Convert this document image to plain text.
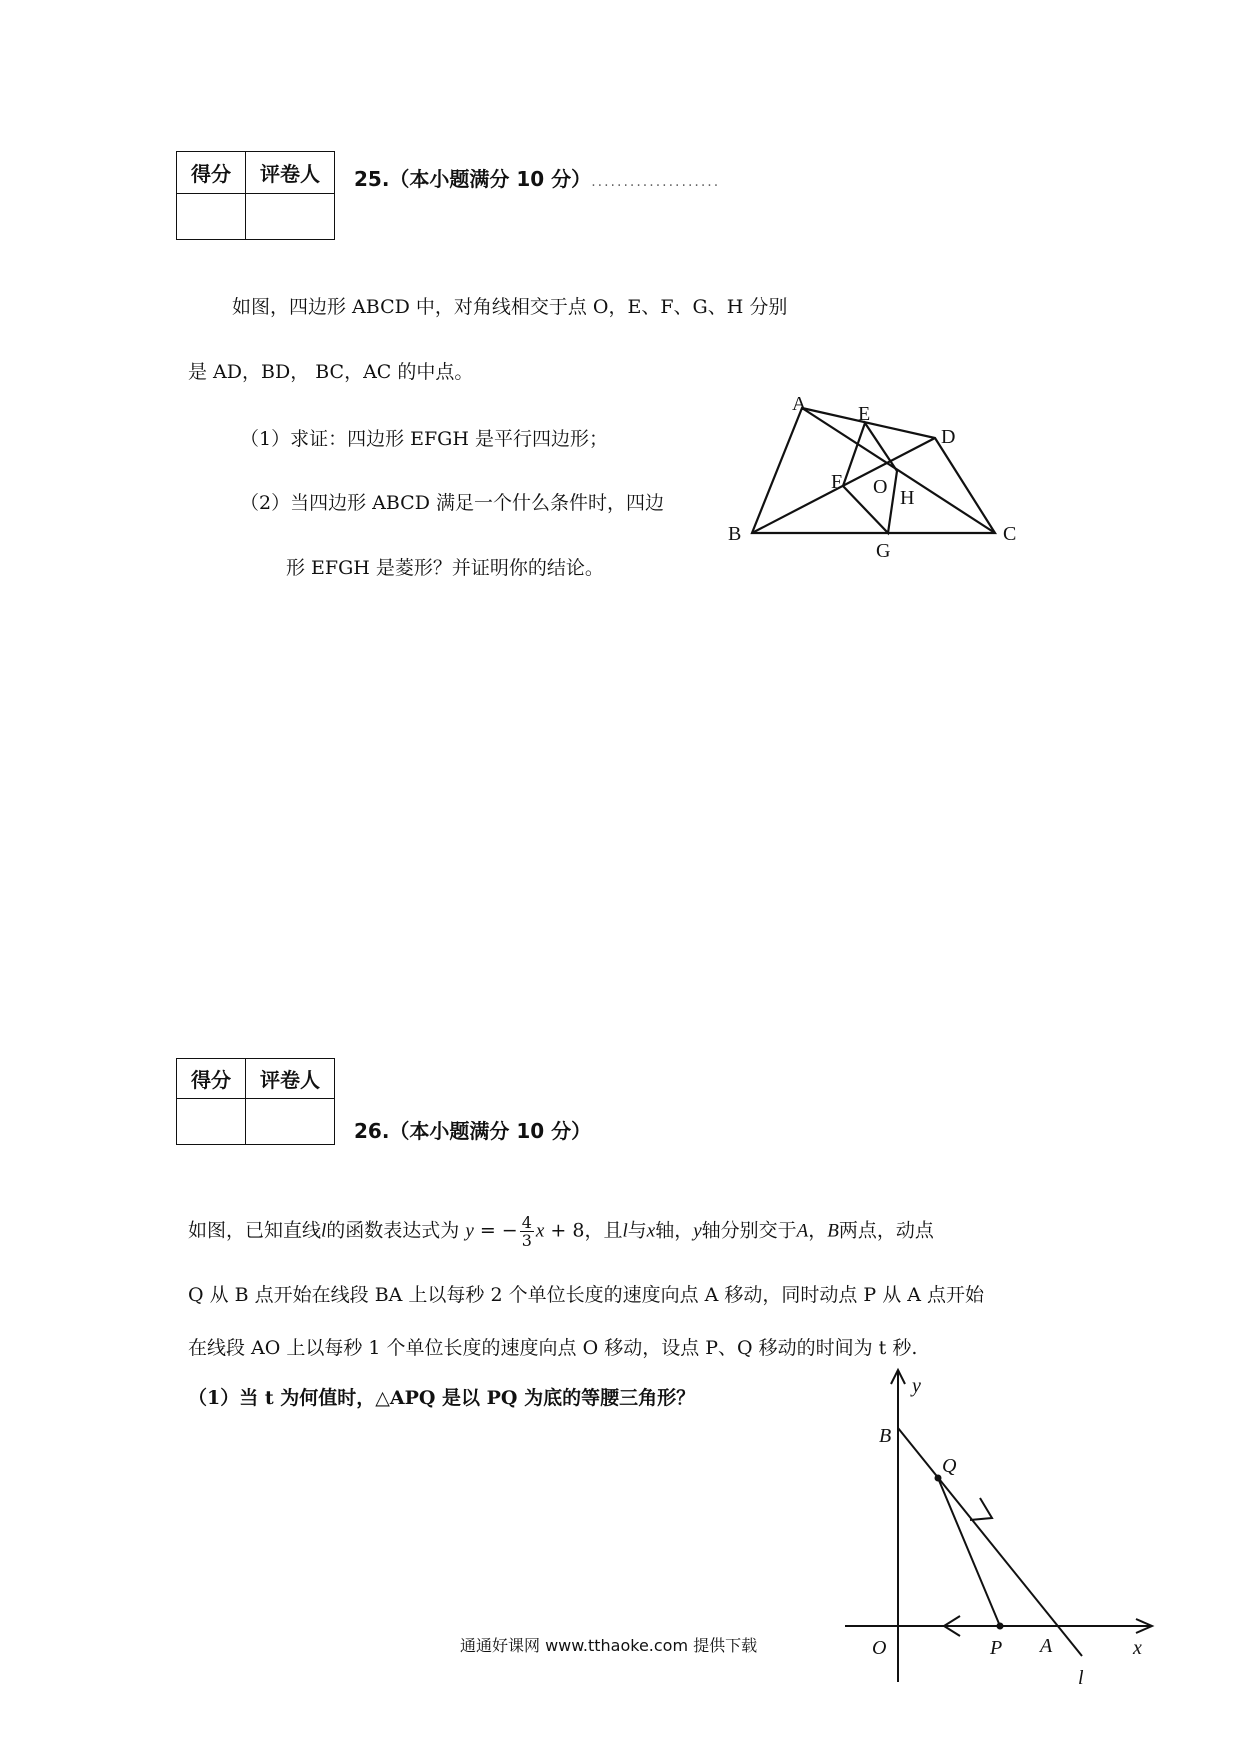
得分	评卷人
	25.（本小题满分 10 分）....................
如图，四边形 ABCD 中，对角线相交于点 O，E、F、G、H 分别
是 AD，BD， BC，AC 的中点。
（1）求证：四边形 EFGH 是平行四边形；
（2）当四边形 ABCD 满足一个什么条件时，四边
形 EFGH 是菱形？并证明你的结论。
A	E
D
F O H
B	C
G
得分	评卷人

26.（本小题满分 10 分）
如图，已知直线l的函数表达式为 y = − $\frac{4}{3}$ x + 8，且l与x轴，y轴分别交于A，B两点，动点
Q 从 B 点开始在线段 BA 上以每秒 2 个单位长度的速度向点 A 移动，同时动点 P 从 A 点开始
在线段 AO 上以每秒 1 个单位长度的速度向点 O 移动，设点 P、Q 移动的时间为 t 秒.
（1）当 t 为何值时，△APQ 是以 PQ 为底的等腰三角形？
y
B
Q
O	P A	x
l
通通好课网 www.tthaoke.com 提供下载
